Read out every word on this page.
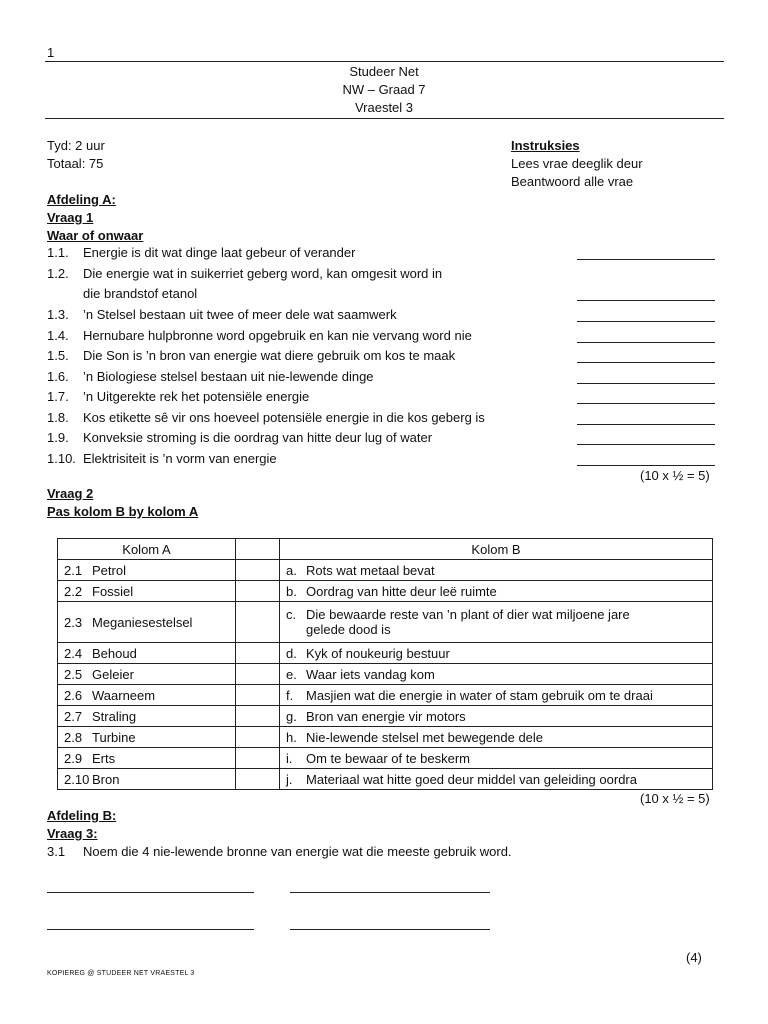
1
Studeer Net
NW – Graad 7
Vraestel 3
Tyd: 2 uur
Totaal: 75
Instruksies
Lees vrae deeglik deur
Beantwoord alle vrae
Afdeling A:
Vraag 1
Waar of onwaar
1.1. Energie is dit wat dinge laat gebeur of verander
1.2. Die energie wat in suikerriet geberg word, kan omgesit word in
die brandstof etanol
1.3. ’n Stelsel bestaan uit twee of meer dele wat saamwerk
1.4. Hernubare hulpbronne word opgebruik en kan nie vervang word nie
1.5. Die Son is ’n bron van energie wat diere gebruik om kos te maak
1.6. ’n Biologiese stelsel bestaan uit nie-lewende dinge
1.7. ’n Uitgerekte rek het potensiële energie
1.8. Kos etikette sê vir ons hoeveel potensiële energie in die kos geberg is
1.9. Konveksie stroming is die oordrag van hitte deur lug of water
1.10. Elektrisiteit is ’n vorm van energie
(10 x ½ = 5)
Vraag 2
Pas kolom B by kolom A
Kolom A		Kolom B
2.1 Petrol		a. Rots wat metaal bevat
2.2 Fossiel		b. Oordrag van hitte deur leë ruimte
2.3 Meganiesestelsel		c. Die bewaarde reste van ’n plant of dier wat miljoene jare
gelede dood is

2.4 Behoud		d. Kyk of noukeurig bestuur
2.5 Geleier		e. Waar iets vandag kom
2.6 Waarneem		f. Masjien wat die energie in water of stam gebruik om te draai
2.7 Straling		g. Bron van energie vir motors
2.8 Turbine		h. Nie-lewende stelsel met bewegende dele
2.9 Erts		i. Om te bewaar of te beskerm
2.10 Bron		j. Materiaal wat hitte goed deur middel van geleiding oordra
(10 x ½ = 5)
Afdeling B:
Vraag 3:
3.1 Noem die 4 nie-lewende bronne van energie wat die meeste gebruik word.
(4)
KOPIEREG @ STUDEER NET VRAESTEL 3
